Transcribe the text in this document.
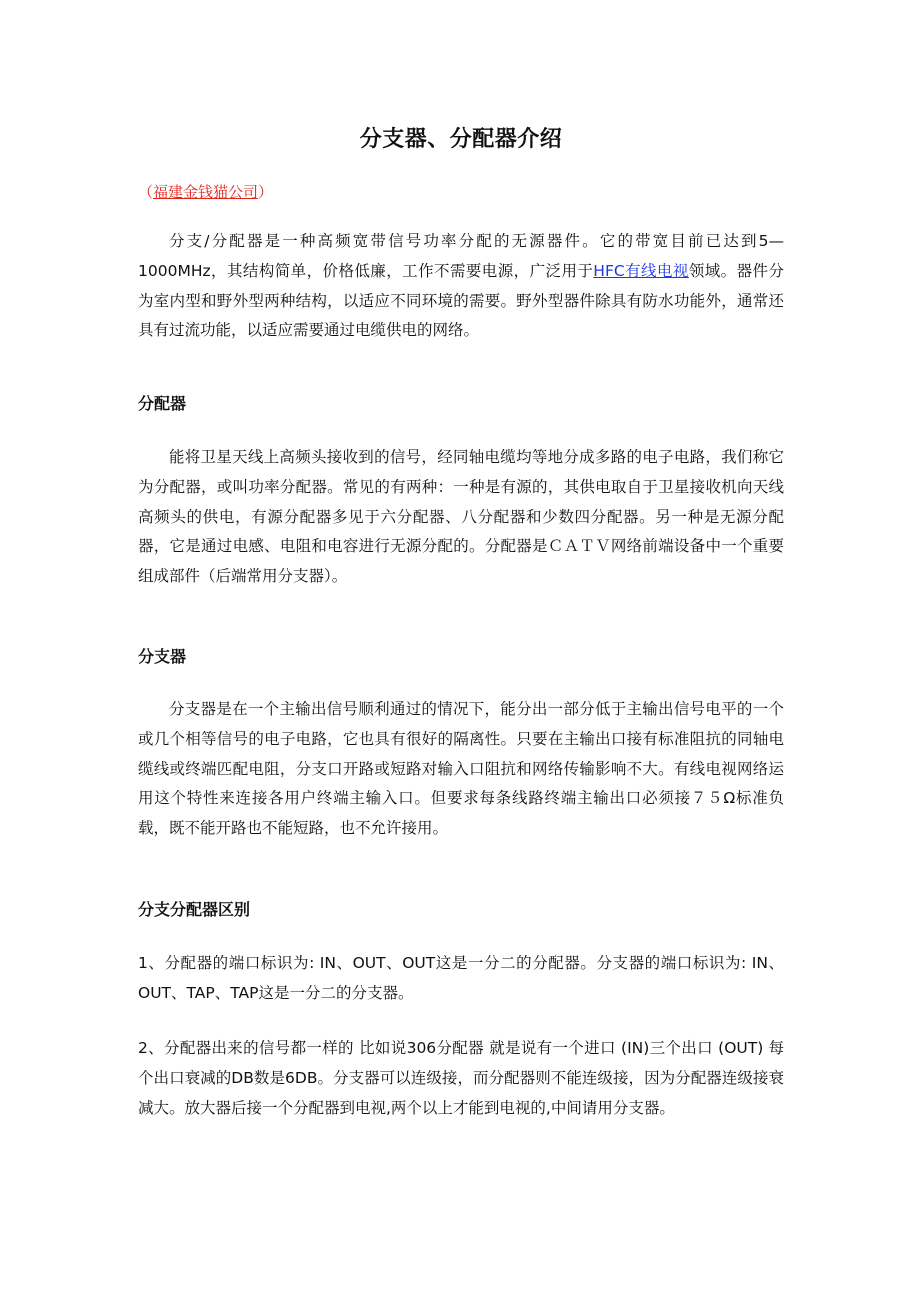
分支器、分配器介绍
（福建金钱猫公司）

分支/分配器是一种高频宽带信号功率分配的无源器件。它的带宽目前已达到5—1000MHz，其结构简单，价格低廉，工作不需要电源，广泛用于HFC有线电视领域。器件分为室内型和野外型两种结构，以适应不同环境的需要。野外型器件除具有防水功能外，通常还具有过流功能，以适应需要通过电缆供电的网络。

分配器

能将卫星天线上高频头接收到的信号，经同轴电缆均等地分成多路的电子电路，我们称它为分配器，或叫功率分配器。常见的有两种：一种是有源的，其供电取自于卫星接收机向天线高频头的供电，有源分配器多见于六分配器、八分配器和少数四分配器。另一种是无源分配器，它是通过电感、电阻和电容进行无源分配的。分配器是ＣＡＴＶ网络前端设备中一个重要组成部件（后端常用分支器）。

分支器

分支器是在一个主输出信号顺利通过的情况下，能分出一部分低于主输出信号电平的一个或几个相等信号的电子电路，它也具有很好的隔离性。只要在主输出口接有标准阻抗的同轴电缆线或终端匹配电阻，分支口开路或短路对输入口阻抗和网络传输影响不大。有线电视网络运用这个特性来连接各用户终端主输入口。但要求每条线路终端主输出口必须接７５Ω标准负载，既不能开路也不能短路，也不允许接用。

分支分配器区别

1、分配器的端口标识为: IN、OUT、OUT这是一分二的分配器。分支器的端口标识为: IN、OUT、TAP、TAP这是一分二的分支器。

2、分配器出来的信号都一样的 比如说306分配器 就是说有一个进口 (IN)三个出口 (OUT) 每个出口衰减的DB数是6DB。分支器可以连级接，而分配器则不能连级接，因为分配器连级接衰减大。放大器后接一个分配器到电视,两个以上才能到电视的,中间请用分支器。
